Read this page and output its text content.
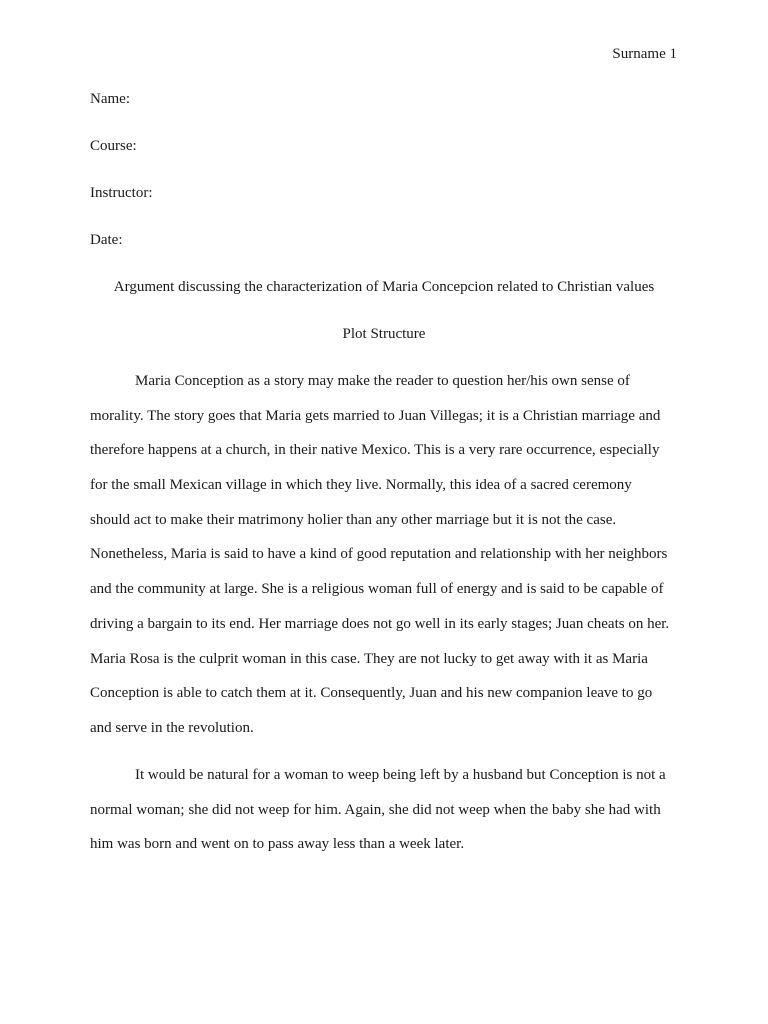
Surname 1
Name:
Course:
Instructor:
Date:
Argument discussing the characterization of Maria Concepcion related to Christian values
Plot Structure
Maria Conception as a story may make the reader to question her/his own sense of
morality. The story goes that Maria gets married to Juan Villegas; it is a Christian marriage and
therefore happens at a church, in their native Mexico. This is a very rare occurrence, especially
for the small Mexican village in which they live. Normally, this idea of a sacred ceremony
should act to make their matrimony holier than any other marriage but it is not the case.
Nonetheless, Maria is said to have a kind of good reputation and relationship with her neighbors
and the community at large. She is a religious woman full of energy and is said to be capable of
driving a bargain to its end. Her marriage does not go well in its early stages; Juan cheats on her.
Maria Rosa is the culprit woman in this case. They are not lucky to get away with it as Maria
Conception is able to catch them at it. Consequently, Juan and his new companion leave to go
and serve in the revolution.
It would be natural for a woman to weep being left by a husband but Conception is not a
normal woman; she did not weep for him. Again, she did not weep when the baby she had with
him was born and went on to pass away less than a week later.
